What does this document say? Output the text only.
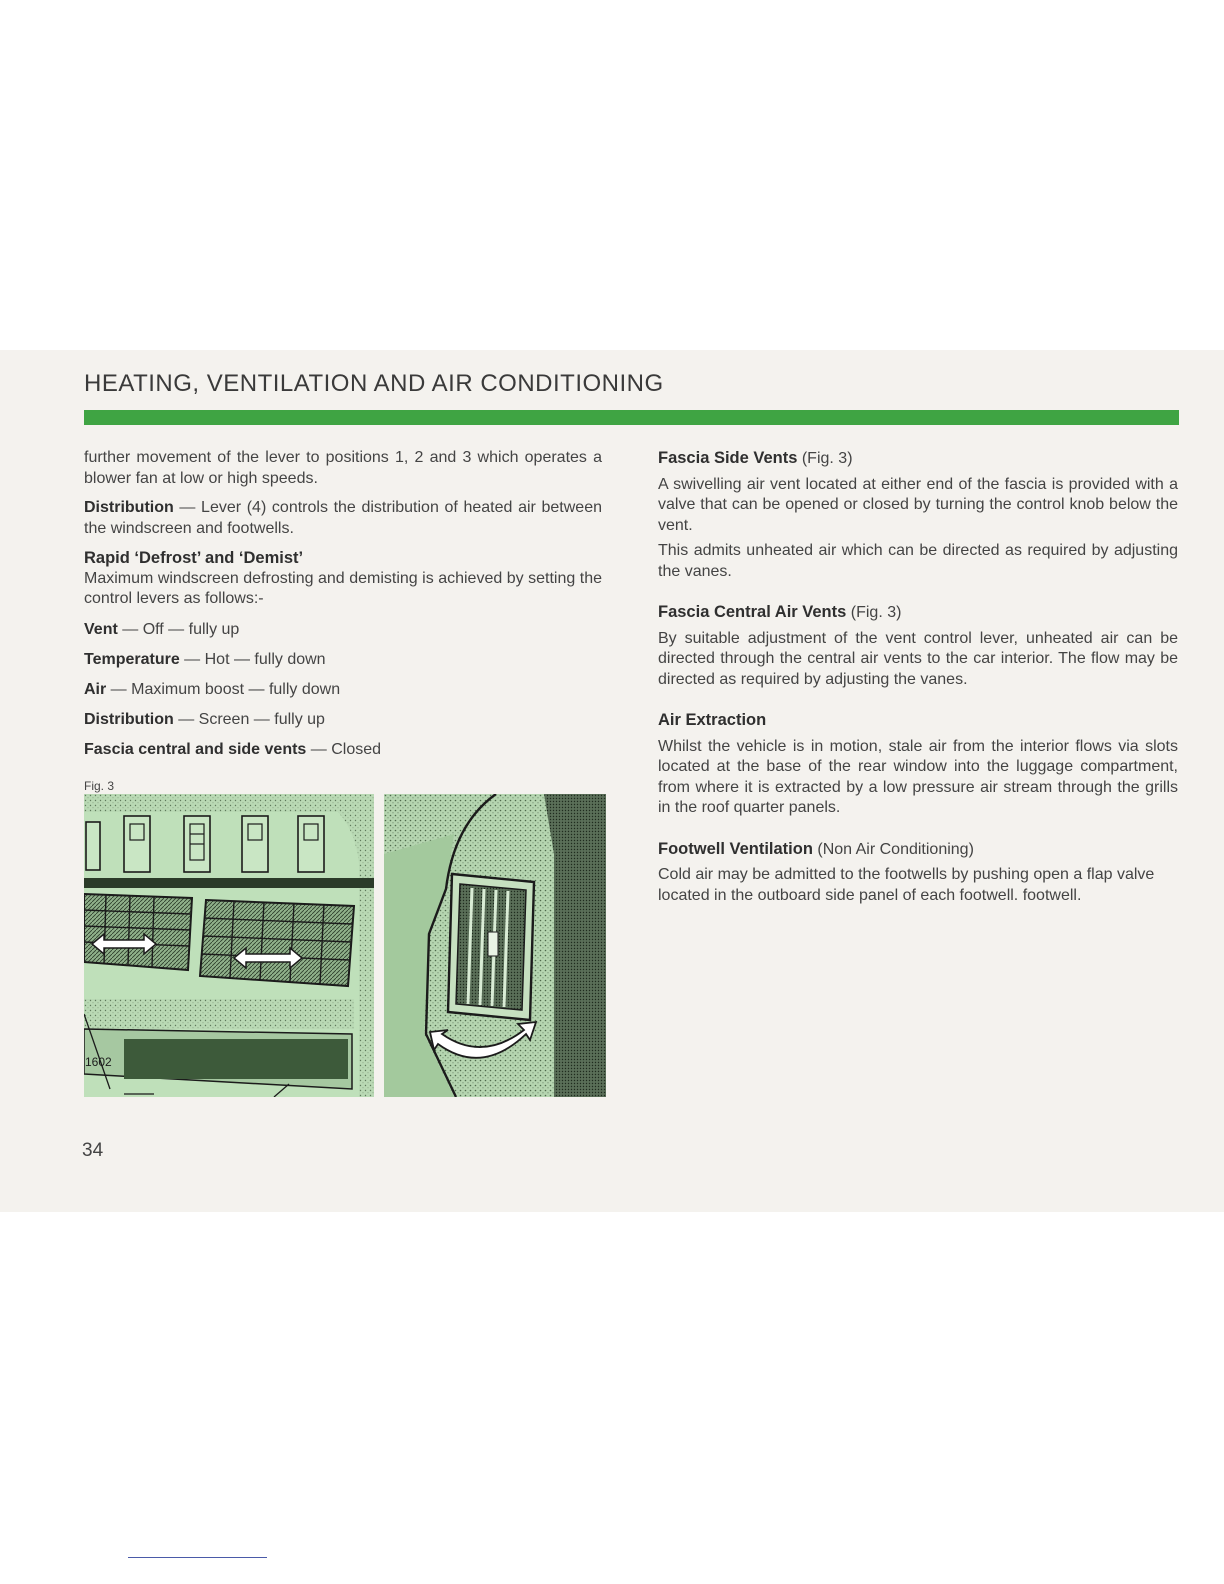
HEATING, VENTILATION AND AIR CONDITIONING

further movement of the lever to positions 1, 2 and 3 which operates a blower fan at low or high speeds.

Distribution — Lever (4) controls the distribution of heated air between the windscreen and footwells.

Rapid ‘Defrost’ and ‘Demist’

Maximum windscreen defrosting and demisting is achieved by setting the control levers as follows:-

Vent — Off — fully up

Temperature — Hot — fully down

Air — Maximum boost — fully down

Distribution — Screen — fully up

Fascia central and side vents — Closed

Fig. 3

1602

Fascia Side Vents (Fig. 3)

A swivelling air vent located at either end of the fascia is provided with a valve that can be opened or closed by turning the control knob below the vent.

This admits unheated air which can be directed as required by adjusting the vanes.

Fascia Central Air Vents (Fig. 3)

By suitable adjustment of the vent control lever, unheated air can be directed through the central air vents to the car interior. The flow may be directed as required by adjusting the vanes.

Air Extraction

Whilst the vehicle is in motion, stale air from the interior flows via slots located at the base of the rear window into the luggage compartment, from where it is extracted by a low pressure air stream through the grills in the roof quarter panels.

Footwell Ventilation (Non Air Conditioning)

Cold air may be admitted to the footwells by pushing open a flap valve located in the outboard side panel of each footwell. footwell.

34
